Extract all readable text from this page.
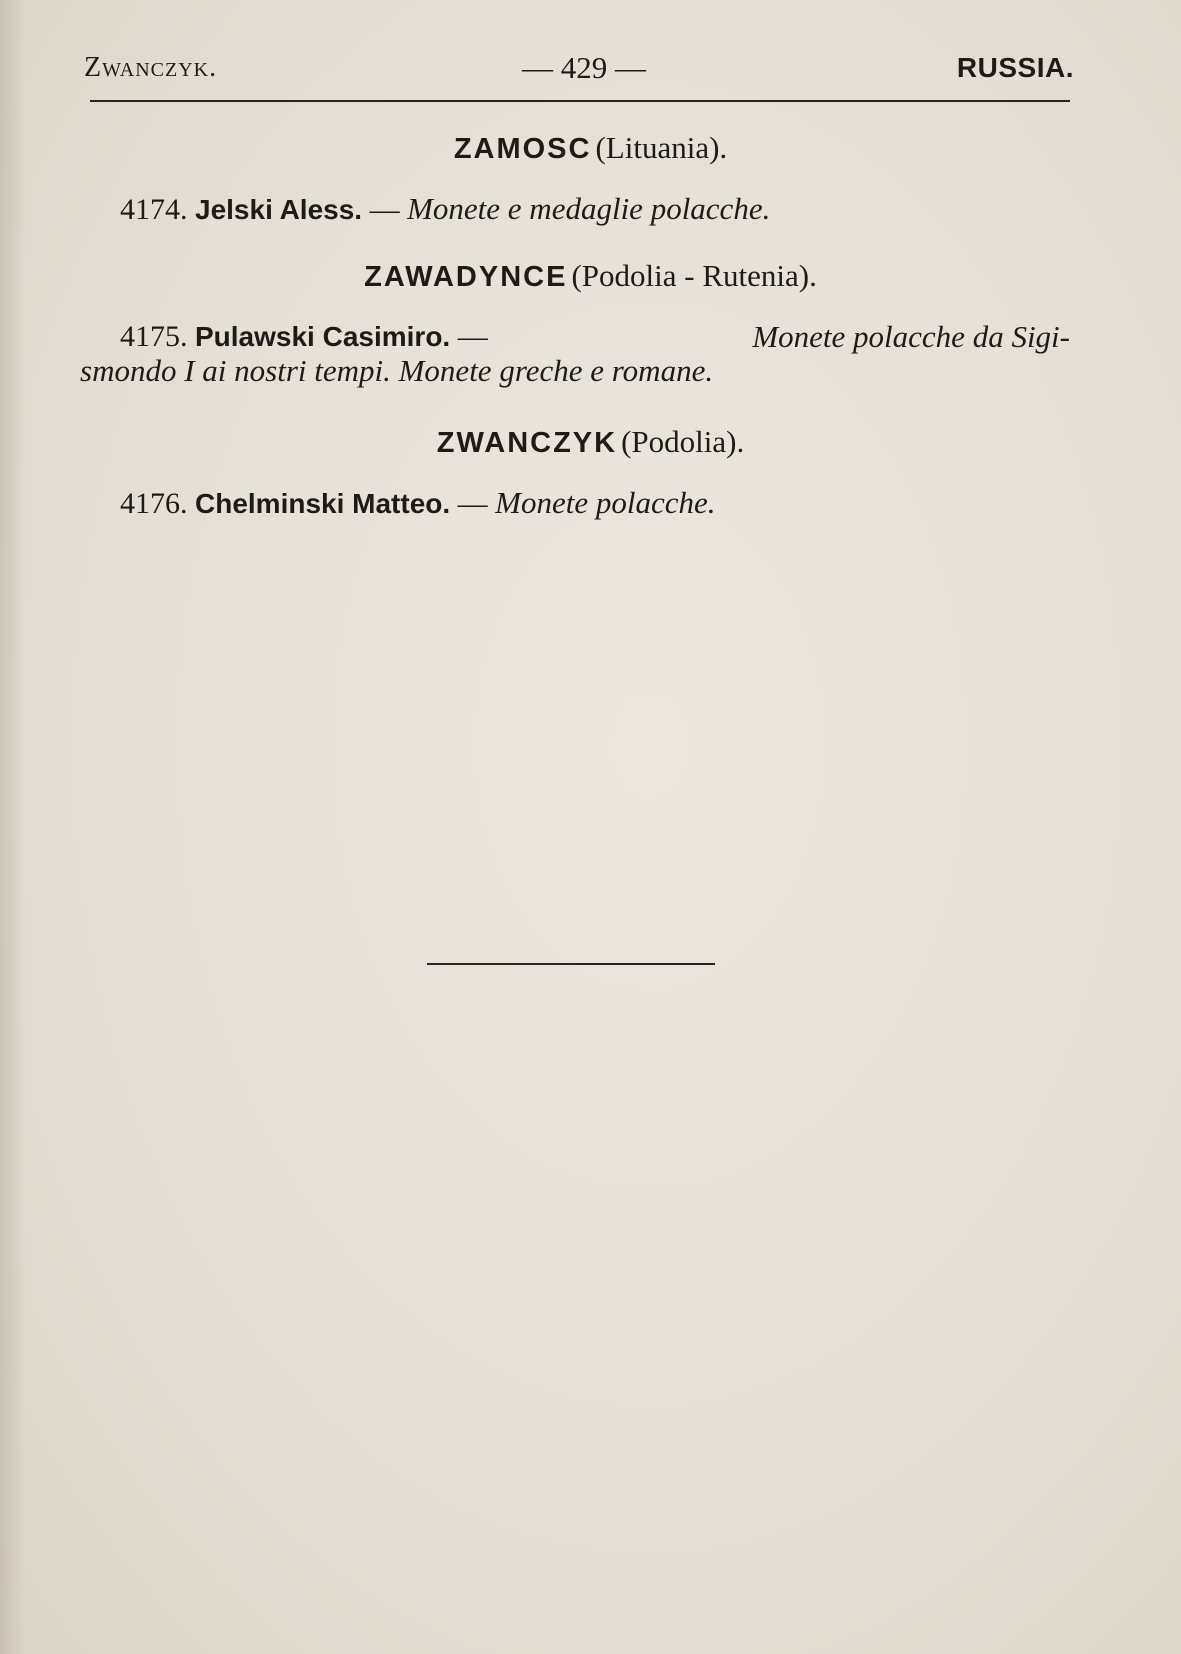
Zwanczyk.	— 429 —	RUSSIA.
ZAMOSC (Lituania).
4174. Jelski Aless. — Monete e medaglie polacche.
ZAWADYNCE (Podolia - Rutenia).
4175. Pulawski Casimiro. —	Monete polacche da Sigi-
smondo I ai nostri tempi. Monete greche e romane.
ZWANCZYK (Podolia).
4176. Chelminski Matteo. — Monete polacche.
